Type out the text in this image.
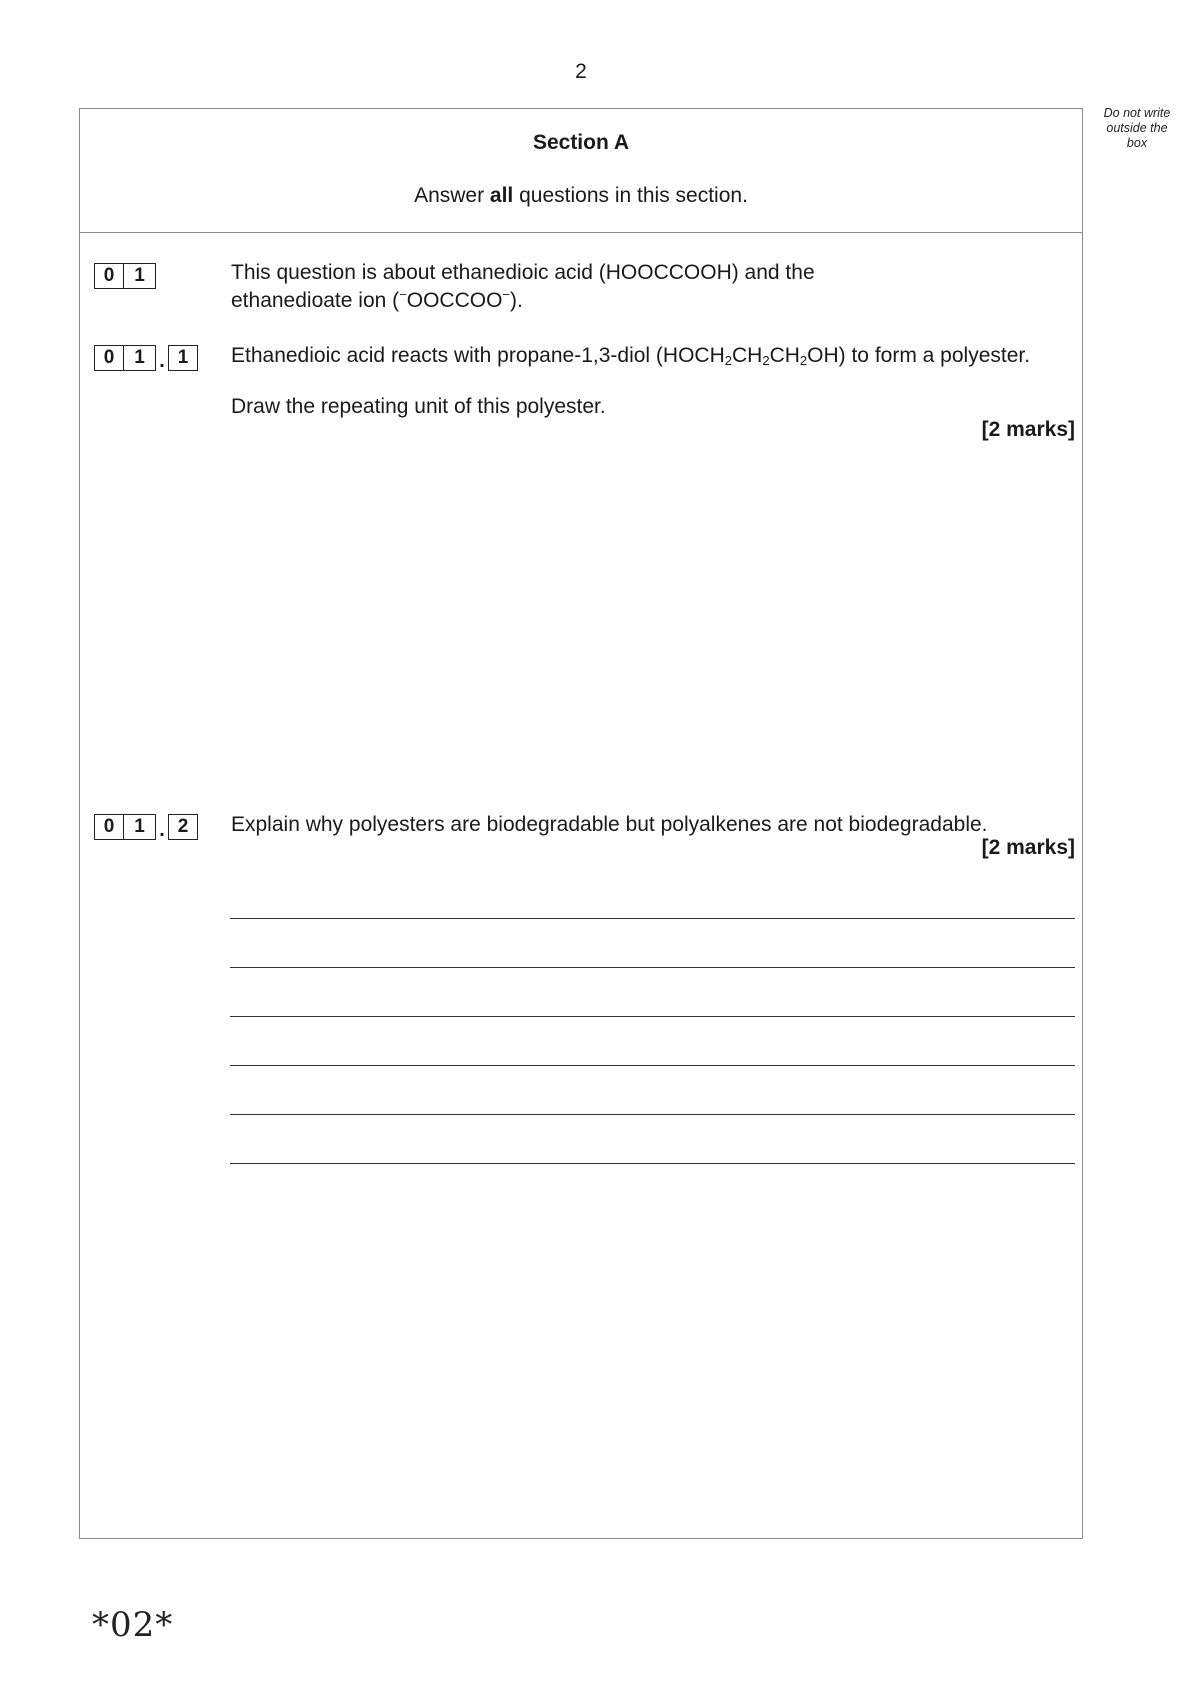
2
Do not write
outside the
box
Section A
Answer all questions in this section.
0	1	This question is about ethanedioic acid (HOOCCOOH) and the
ethanedioate ion (−OOCCOO−).
0	1 . 1	Ethanedioic acid reacts with propane-1,3-diol $(HOCH_2CH_2CH_2OH)$ to form a polyester.
Draw the repeating unit of this polyester.
[2 marks]
0	1 . 2	Explain why polyesters are biodegradable but polyalkenes are not biodegradable.
[2 marks]
*02*
